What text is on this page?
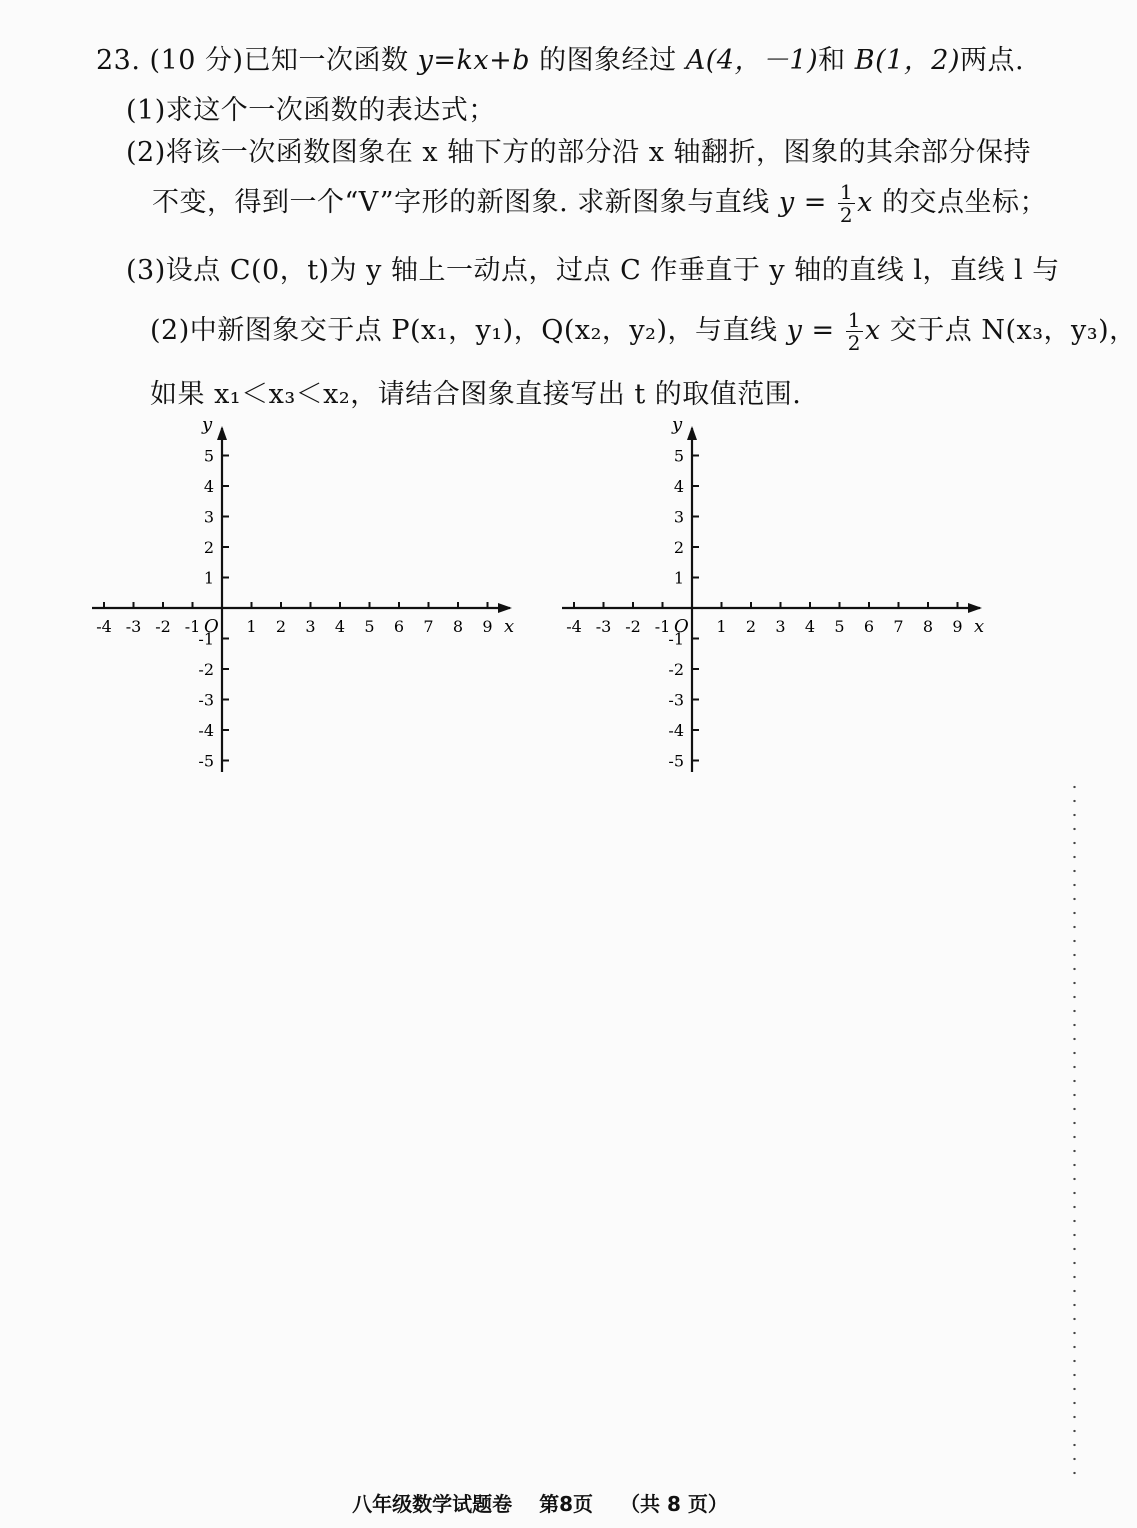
23. (10 分)已知一次函数 y=kx+b 的图象经过 A(4，－1)和 B(1，2)两点.
(1)求这个一次函数的表达式；
(2)将该一次函数图象在 x 轴下方的部分沿 x 轴翻折，图象的其余部分保持
不变，得到一个“V”字形的新图象. 求新图象与直线 $y = \frac{1}{2}$ x 的交点坐标；
(3)设点 C(0，t)为 y 轴上一动点，过点 C 作垂直于 y 轴的直线 l，直线 l 与
(2)中新图象交于点 P(x₁，y₁)，Q(x₂，y₂)，与直线 $y = \frac{1}{2}$ x 交于点 N(x₃，y₃)，
如果 x₁＜x₃＜x₂，请结合图象直接写出 t 的取值范围.
x
y
O
-4 -3 -2 -1	1 2 3 4 5 6 7 8 9
-5
-4
-3
-2
-1
1
2
3
4
5
x
y
O
-4 -3 -2 -1	1 2 3 4 5 6 7 8 9
-5
-4
-3
-2
-1
1
2
3
4
5
八年级数学试题卷 第8页 （共 8 页）
